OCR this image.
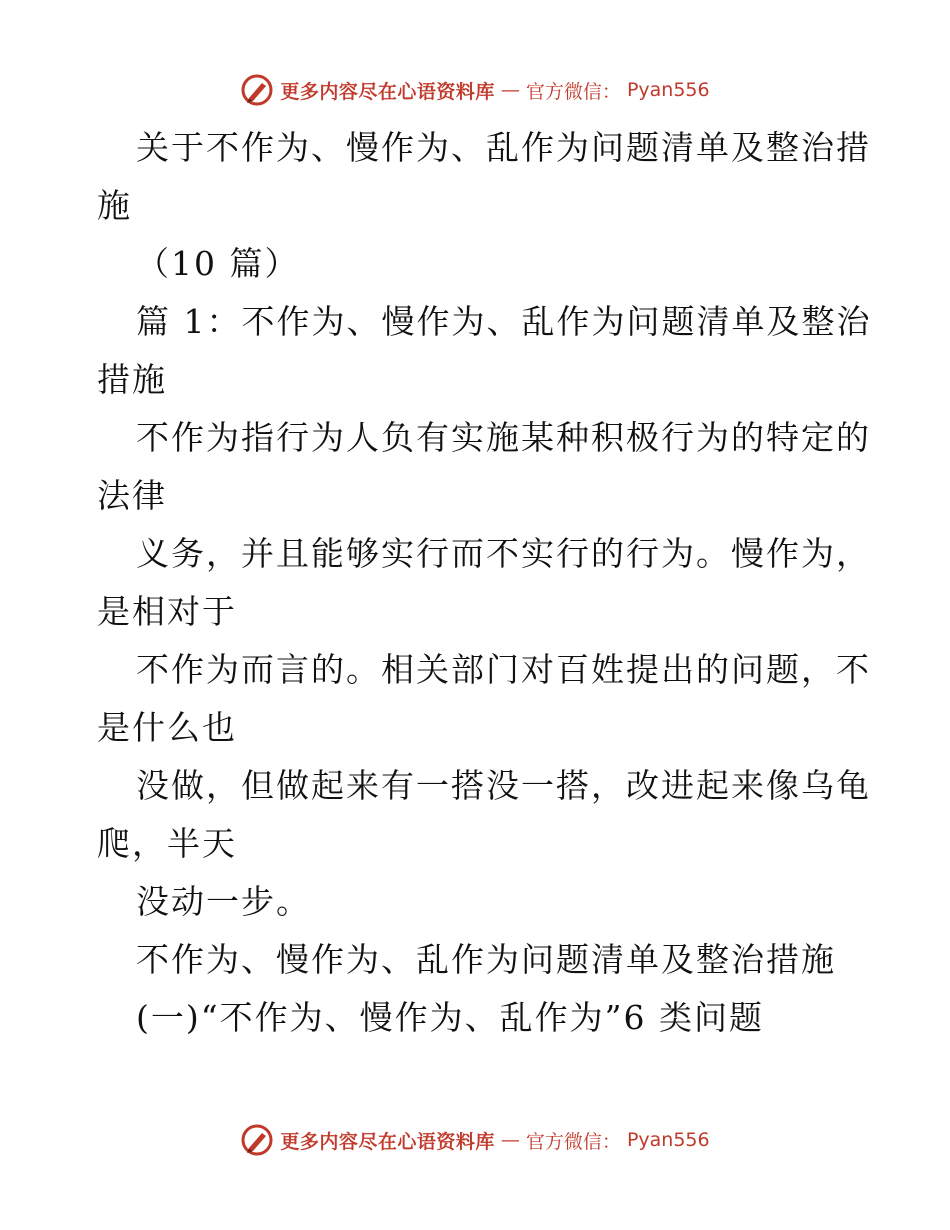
更多内容尽在心语资料库 — 官方微信： Pyan556
关于不作为、慢作为、乱作为问题清单及整治措
施
（10 篇）
篇 1：不作为、慢作为、乱作为问题清单及整治
措施
不作为指行为人负有实施某种积极行为的特定的
法律
义务，并且能够实行而不实行的行为。慢作为，
是相对于
不作为而言的。相关部门对百姓提出的问题，不
是什么也
没做，但做起来有一搭没一搭，改进起来像乌龟
爬，半天
没动一步。
不作为、慢作为、乱作为问题清单及整治措施
(一)“不作为、慢作为、乱作为”6 类问题
更多内容尽在心语资料库 — 官方微信： Pyan556
